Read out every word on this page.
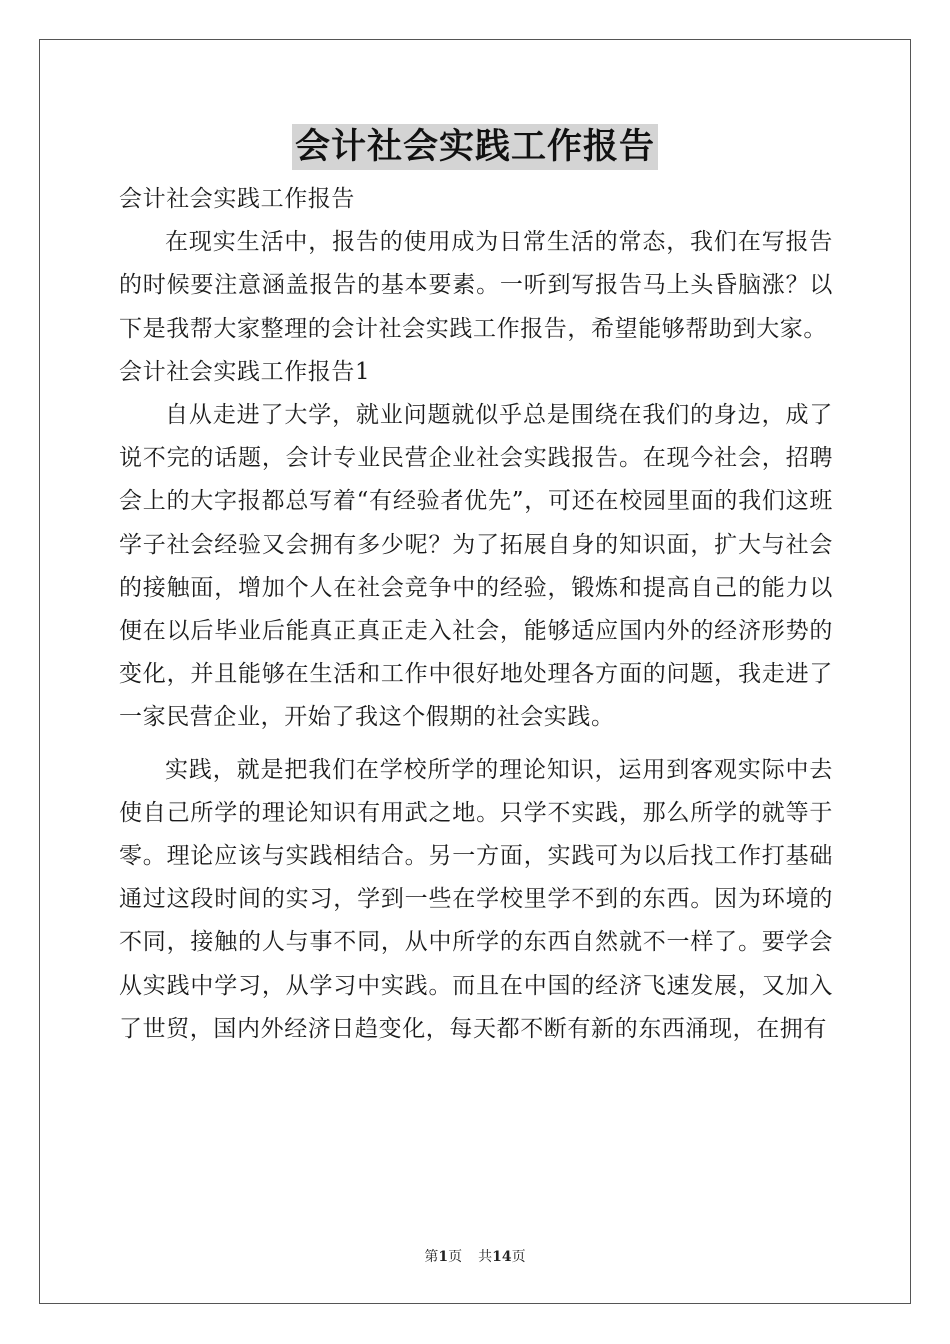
会计社会实践工作报告

会计社会实践工作报告

在现实生活中，报告的使用成为日常生活的常态，我们在写报告的时候要注意涵盖报告的基本要素。一听到写报告马上头昏脑涨？以下是我帮大家整理的会计社会实践工作报告，希望能够帮助到大家。

会计社会实践工作报告1

自从走进了大学，就业问题就似乎总是围绕在我们的身边，成了说不完的话题，会计专业民营企业社会实践报告。在现今社会，招聘会上的大字报都总写着“有经验者优先”，可还在校园里面的我们这班学子社会经验又会拥有多少呢？为了拓展自身的知识面，扩大与社会的接触面，增加个人在社会竞争中的经验，锻炼和提高自己的能力以便在以后毕业后能真正真正走入社会，能够适应国内外的经济形势的变化，并且能够在生活和工作中很好地处理各方面的问题，我走进了一家民营企业，开始了我这个假期的社会实践。

实践，就是把我们在学校所学的理论知识，运用到客观实际中去使自己所学的理论知识有用武之地。只学不实践，那么所学的就等于零。理论应该与实践相结合。另一方面，实践可为以后找工作打基础通过这段时间的实习，学到一些在学校里学不到的东西。因为环境的不同，接触的人与事不同，从中所学的东西自然就不一样了。要学会从实践中学习，从学习中实践。而且在中国的经济飞速发展，又加入了世贸，国内外经济日趋变化，每天都不断有新的东西涌现，在拥有

第1页 共14页
